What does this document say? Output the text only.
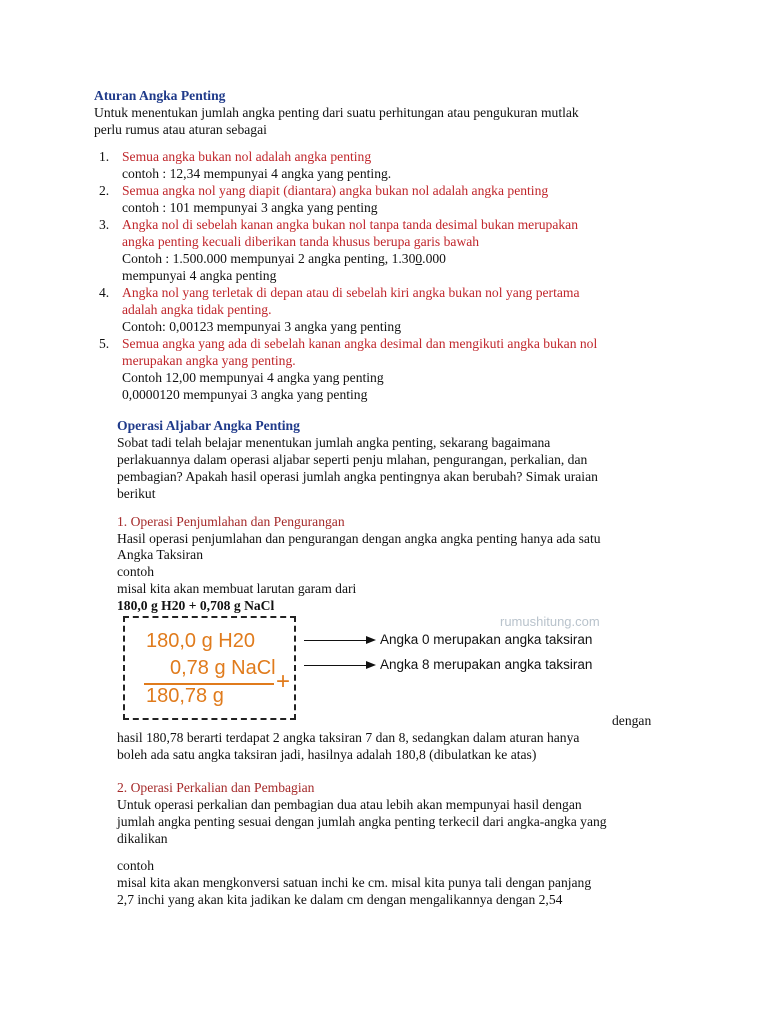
Aturan Angka Penting
Untuk menentukan jumlah angka penting dari suatu perhitungan atau pengukuran mutlak
perlu rumus atau aturan sebagai
1. Semua angka bukan nol adalah angka penting
contoh : 12,34 mempunyai 4 angka yang penting.
2. Semua angka nol yang diapit (diantara) angka bukan nol adalah angka penting
contoh : 101 mempunyai 3 angka yang penting
3. Angka nol di sebelah kanan angka bukan nol tanpa tanda desimal bukan merupakan
angka penting kecuali diberikan tanda khusus berupa garis bawah
Contoh : 1.500.000 mempunyai 2 angka penting, 1.300.000
mempunyai 4 angka penting
4. Angka nol yang terletak di depan atau di sebelah kiri angka bukan nol yang pertama
adalah angka tidak penting.
Contoh: 0,00123 mempunyai 3 angka yang penting
5. Semua angka yang ada di sebelah kanan angka desimal dan mengikuti angka bukan nol
merupakan angka yang penting.
Contoh 12,00 mempunyai 4 angka yang penting
0,0000120 mempunyai 3 angka yang penting
Operasi Aljabar Angka Penting
Sobat tadi telah belajar menentukan jumlah angka penting, sekarang bagaimana
perlakuannya dalam operasi aljabar seperti penju mlahan, pengurangan, perkalian, dan
pembagian? Apakah hasil operasi jumlah angka pentingnya akan berubah? Simak uraian
berikut
1. Operasi Penjumlahan dan Pengurangan
Hasil operasi penjumlahan dan pengurangan dengan angka angka penting hanya ada satu
Angka Taksiran
contoh
misal kita akan membuat larutan garam dari
180,0 g H20 + 0,708 g NaCl
180,0 g H20
0,78 g NaCl +
180,78 g
rumushitung.com
Angka 0 merupakan angka taksiran
Angka 8 merupakan angka taksiran
dengan
hasil 180,78 berarti terdapat 2 angka taksiran 7 dan 8, sedangkan dalam aturan hanya
boleh ada satu angka taksiran jadi, hasilnya adalah 180,8 (dibulatkan ke atas)
2. Operasi Perkalian dan Pembagian
Untuk operasi perkalian dan pembagian dua atau lebih akan mempunyai hasil dengan
jumlah angka penting sesuai dengan jumlah angka penting terkecil dari angka-angka yang
dikalikan
contoh
misal kita akan mengkonversi satuan inchi ke cm. misal kita punya tali dengan panjang
2,7 inchi yang akan kita jadikan ke dalam cm dengan mengalikannya dengan 2,54
